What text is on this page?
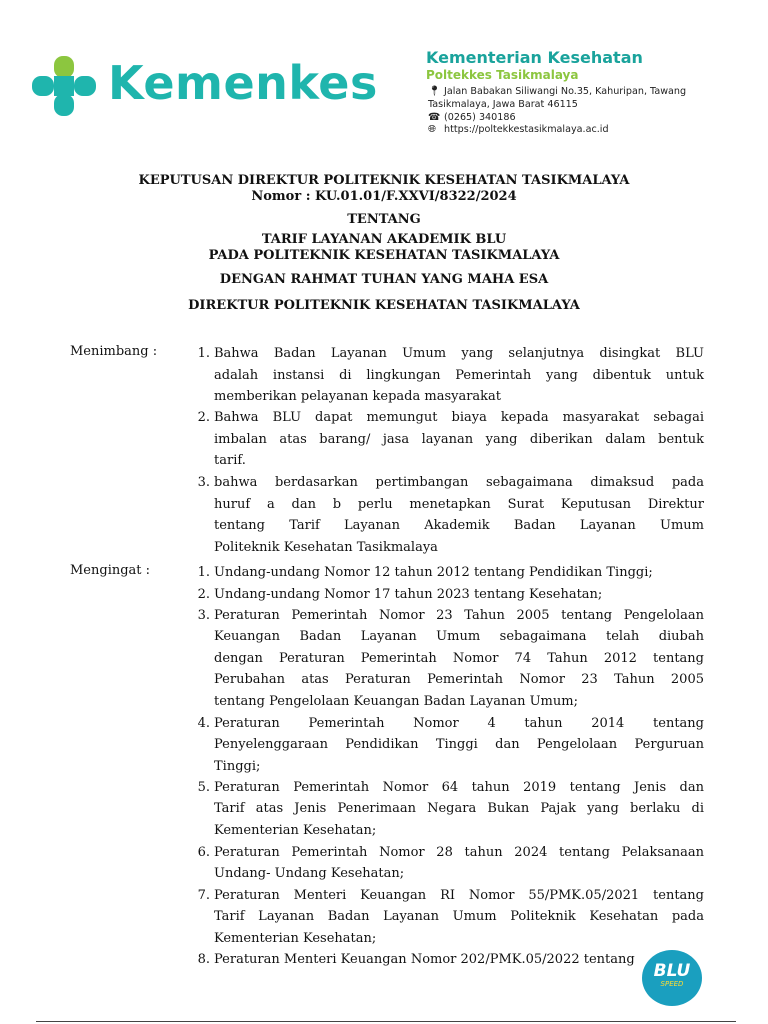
Kemenkes	Kementerian Kesehatan
Poltekkes Tasikmalaya
📍︎ Jalan Babakan Siliwangi No.35, Kahuripan, Tawang
Tasikmalaya, Jawa Barat 46115
☎ (0265) 340186
🌐︎ https://poltekkestasikmalaya.ac.id
KEPUTUSAN DIREKTUR POLITEKNIK KESEHATAN TASIKMALAYA
Nomor : KU.01.01/F.XXVI/8322/2024
TENTANG
TARIF LAYANAN AKADEMIK BLU
PADA POLITEKNIK KESEHATAN TASIKMALAYA
DENGAN RAHMAT TUHAN YANG MAHA ESA
DIREKTUR POLITEKNIK KESEHATAN TASIKMALAYA
Menimbang :	1. Bahwa Badan Layanan Umum yang selanjutnya disingkat BLU
adalah instansi di lingkungan Pemerintah yang dibentuk untuk
memberikan pelayanan kepada masyarakat
2. Bahwa BLU dapat memungut biaya kepada masyarakat sebagai
imbalan atas barang/ jasa layanan yang diberikan dalam bentuk
tarif.
3. bahwa berdasarkan pertimbangan sebagaimana dimaksud pada
huruf a dan b perlu menetapkan Surat Keputusan Direktur
tentang Tarif Layanan Akademik Badan Layanan Umum
Politeknik Kesehatan Tasikmalaya
Mengingat :	1. Undang-undang Nomor 12 tahun 2012 tentang Pendidikan Tinggi;
2. Undang-undang Nomor 17 tahun 2023 tentang Kesehatan;
3. Peraturan Pemerintah Nomor 23 Tahun 2005 tentang Pengelolaan
Keuangan Badan Layanan Umum sebagaimana telah diubah
dengan Peraturan Pemerintah Nomor 74 Tahun 2012 tentang
Perubahan atas Peraturan Pemerintah Nomor 23 Tahun 2005
tentang Pengelolaan Keuangan Badan Layanan Umum;
4. Peraturan Pemerintah Nomor 4 tahun 2014 tentang
Penyelenggaraan Pendidikan Tinggi dan Pengelolaan Perguruan
Tinggi;
5. Peraturan Pemerintah Nomor 64 tahun 2019 tentang Jenis dan
Tarif atas Jenis Penerimaan Negara Bukan Pajak yang berlaku di
Kementerian Kesehatan;
6. Peraturan Pemerintah Nomor 28 tahun 2024 tentang Pelaksanaan
Undang- Undang Kesehatan;
7. Peraturan Menteri Keuangan RI Nomor 55/PMK.05/2021 tentang
Tarif Layanan Badan Layanan Umum Politeknik Kesehatan pada
Kementerian Kesehatan;
8. Peraturan Menteri Keuangan Nomor 202/PMK.05/2022 tentang
BLU
SPEED
